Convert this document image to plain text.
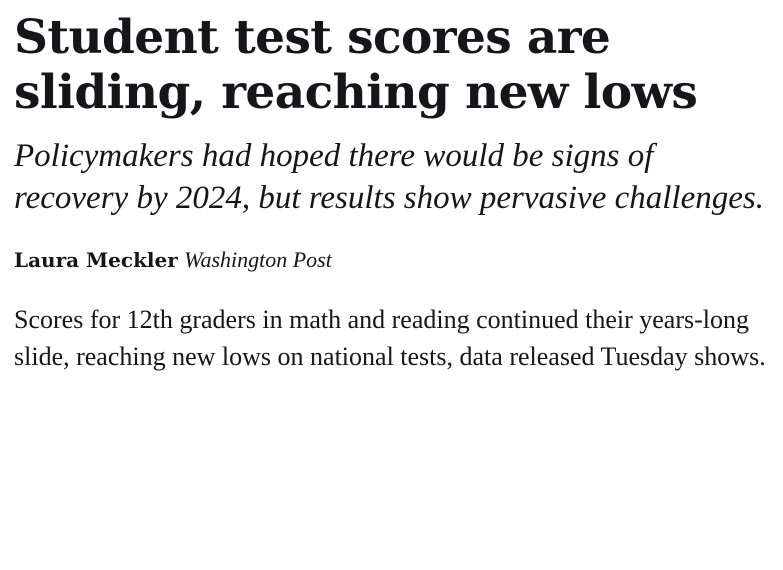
Student test scores are sliding, reaching new lows

Policymakers had hoped there would be signs of recovery by 2024, but results show pervasive challenges.

Laura Meckler Washington Post

Scores for 12th graders in math and reading continued their years-long slide, reaching new lows on national tests, data released Tuesday shows.
